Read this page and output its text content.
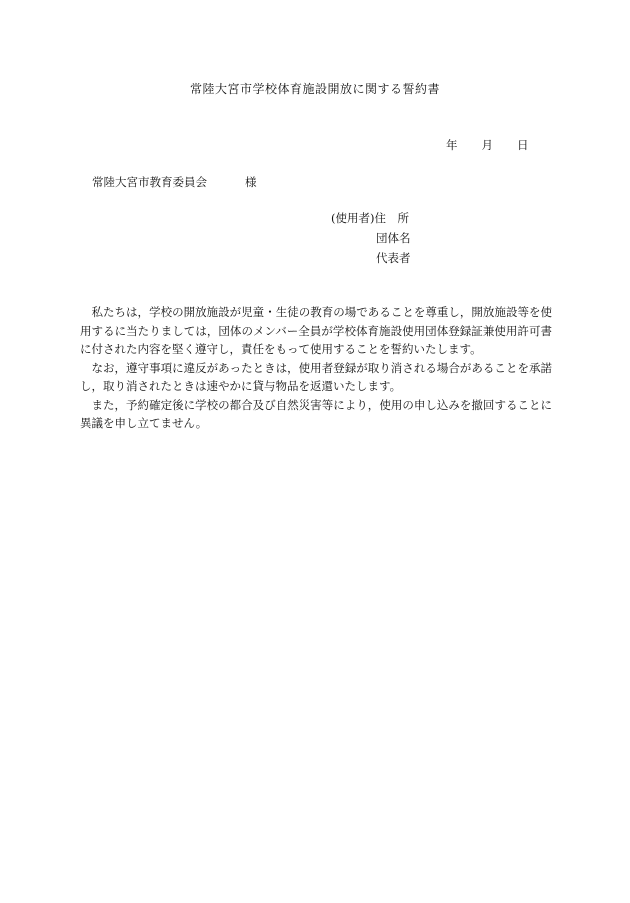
常陸大宮市学校体育施設開放に関する誓約書
年 月 日
常陸大宮市教育委員会	様
(使用者)住　所
団体名
代表者

私たちは，学校の開放施設が児童・生徒の教育の場であることを尊重し，開放施設等を使用するに当たりましては，団体のメンバー全員が学校体育施設使用団体登録証兼使用許可書に付された内容を堅く遵守し，責任をもって使用することを誓約いたします。

なお，遵守事項に違反があったときは，使用者登録が取り消される場合があることを承諾し，取り消されたときは速やかに貸与物品を返還いたします。

また，予約確定後に学校の都合及び自然災害等により，使用の申し込みを撤回することに異議を申し立てません。
